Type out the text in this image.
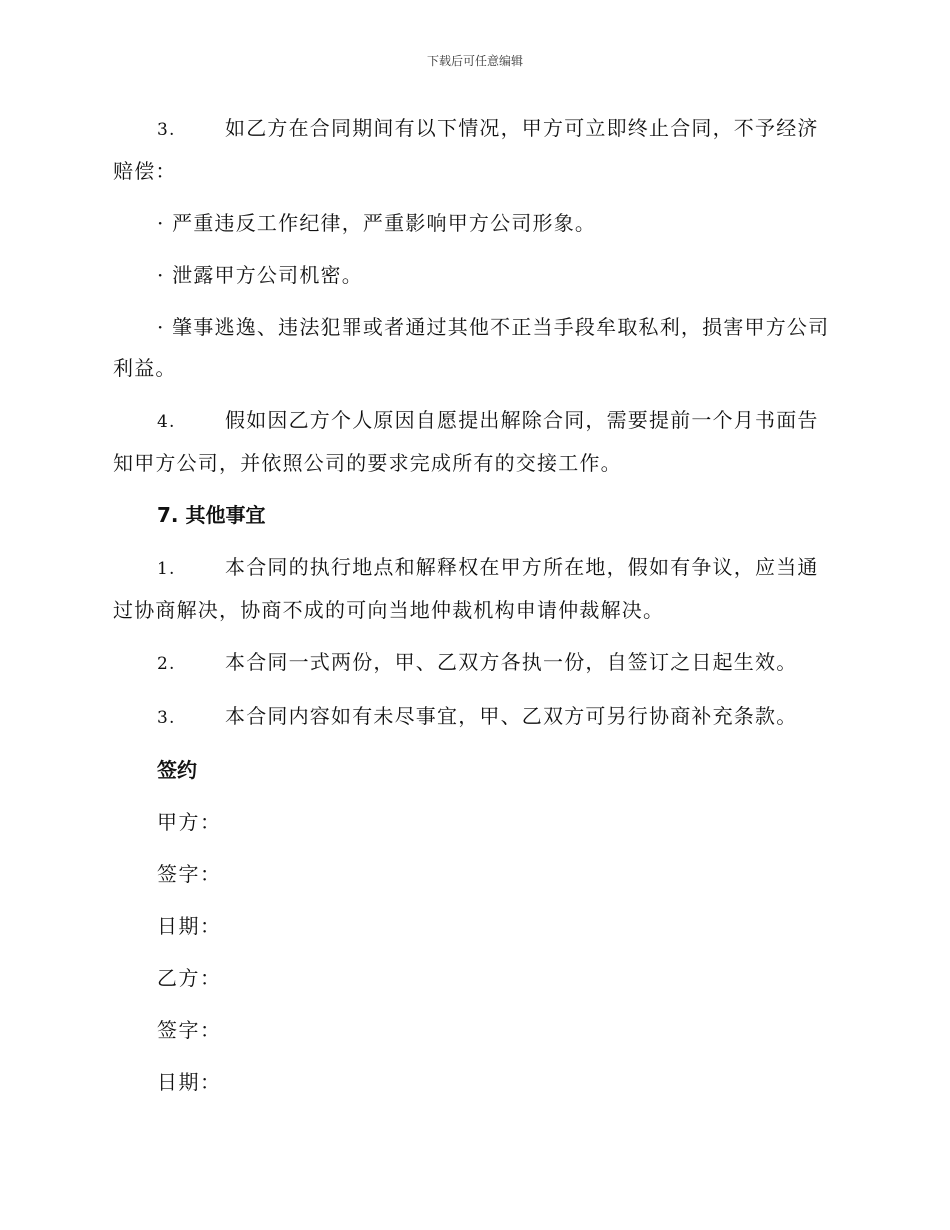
下载后可任意编辑

3. 如乙方在合同期间有以下情况，甲方可立即终止合同，不予经济赔偿：

· 严重违反工作纪律，严重影响甲方公司形象。

· 泄露甲方公司机密。

· 肇事逃逸、违法犯罪或者通过其他不正当手段牟取私利，损害甲方公司利益。

4. 假如因乙方个人原因自愿提出解除合同，需要提前一个月书面告知甲方公司，并依照公司的要求完成所有的交接工作。

7. 其他事宜

1. 本合同的执行地点和解释权在甲方所在地，假如有争议，应当通过协商解决，协商不成的可向当地仲裁机构申请仲裁解决。

2. 本合同一式两份，甲、乙双方各执一份，自签订之日起生效。

3. 本合同内容如有未尽事宜，甲、乙双方可另行协商补充条款。

签约
甲方：
签字：
日期：
乙方：
签字：
日期：
